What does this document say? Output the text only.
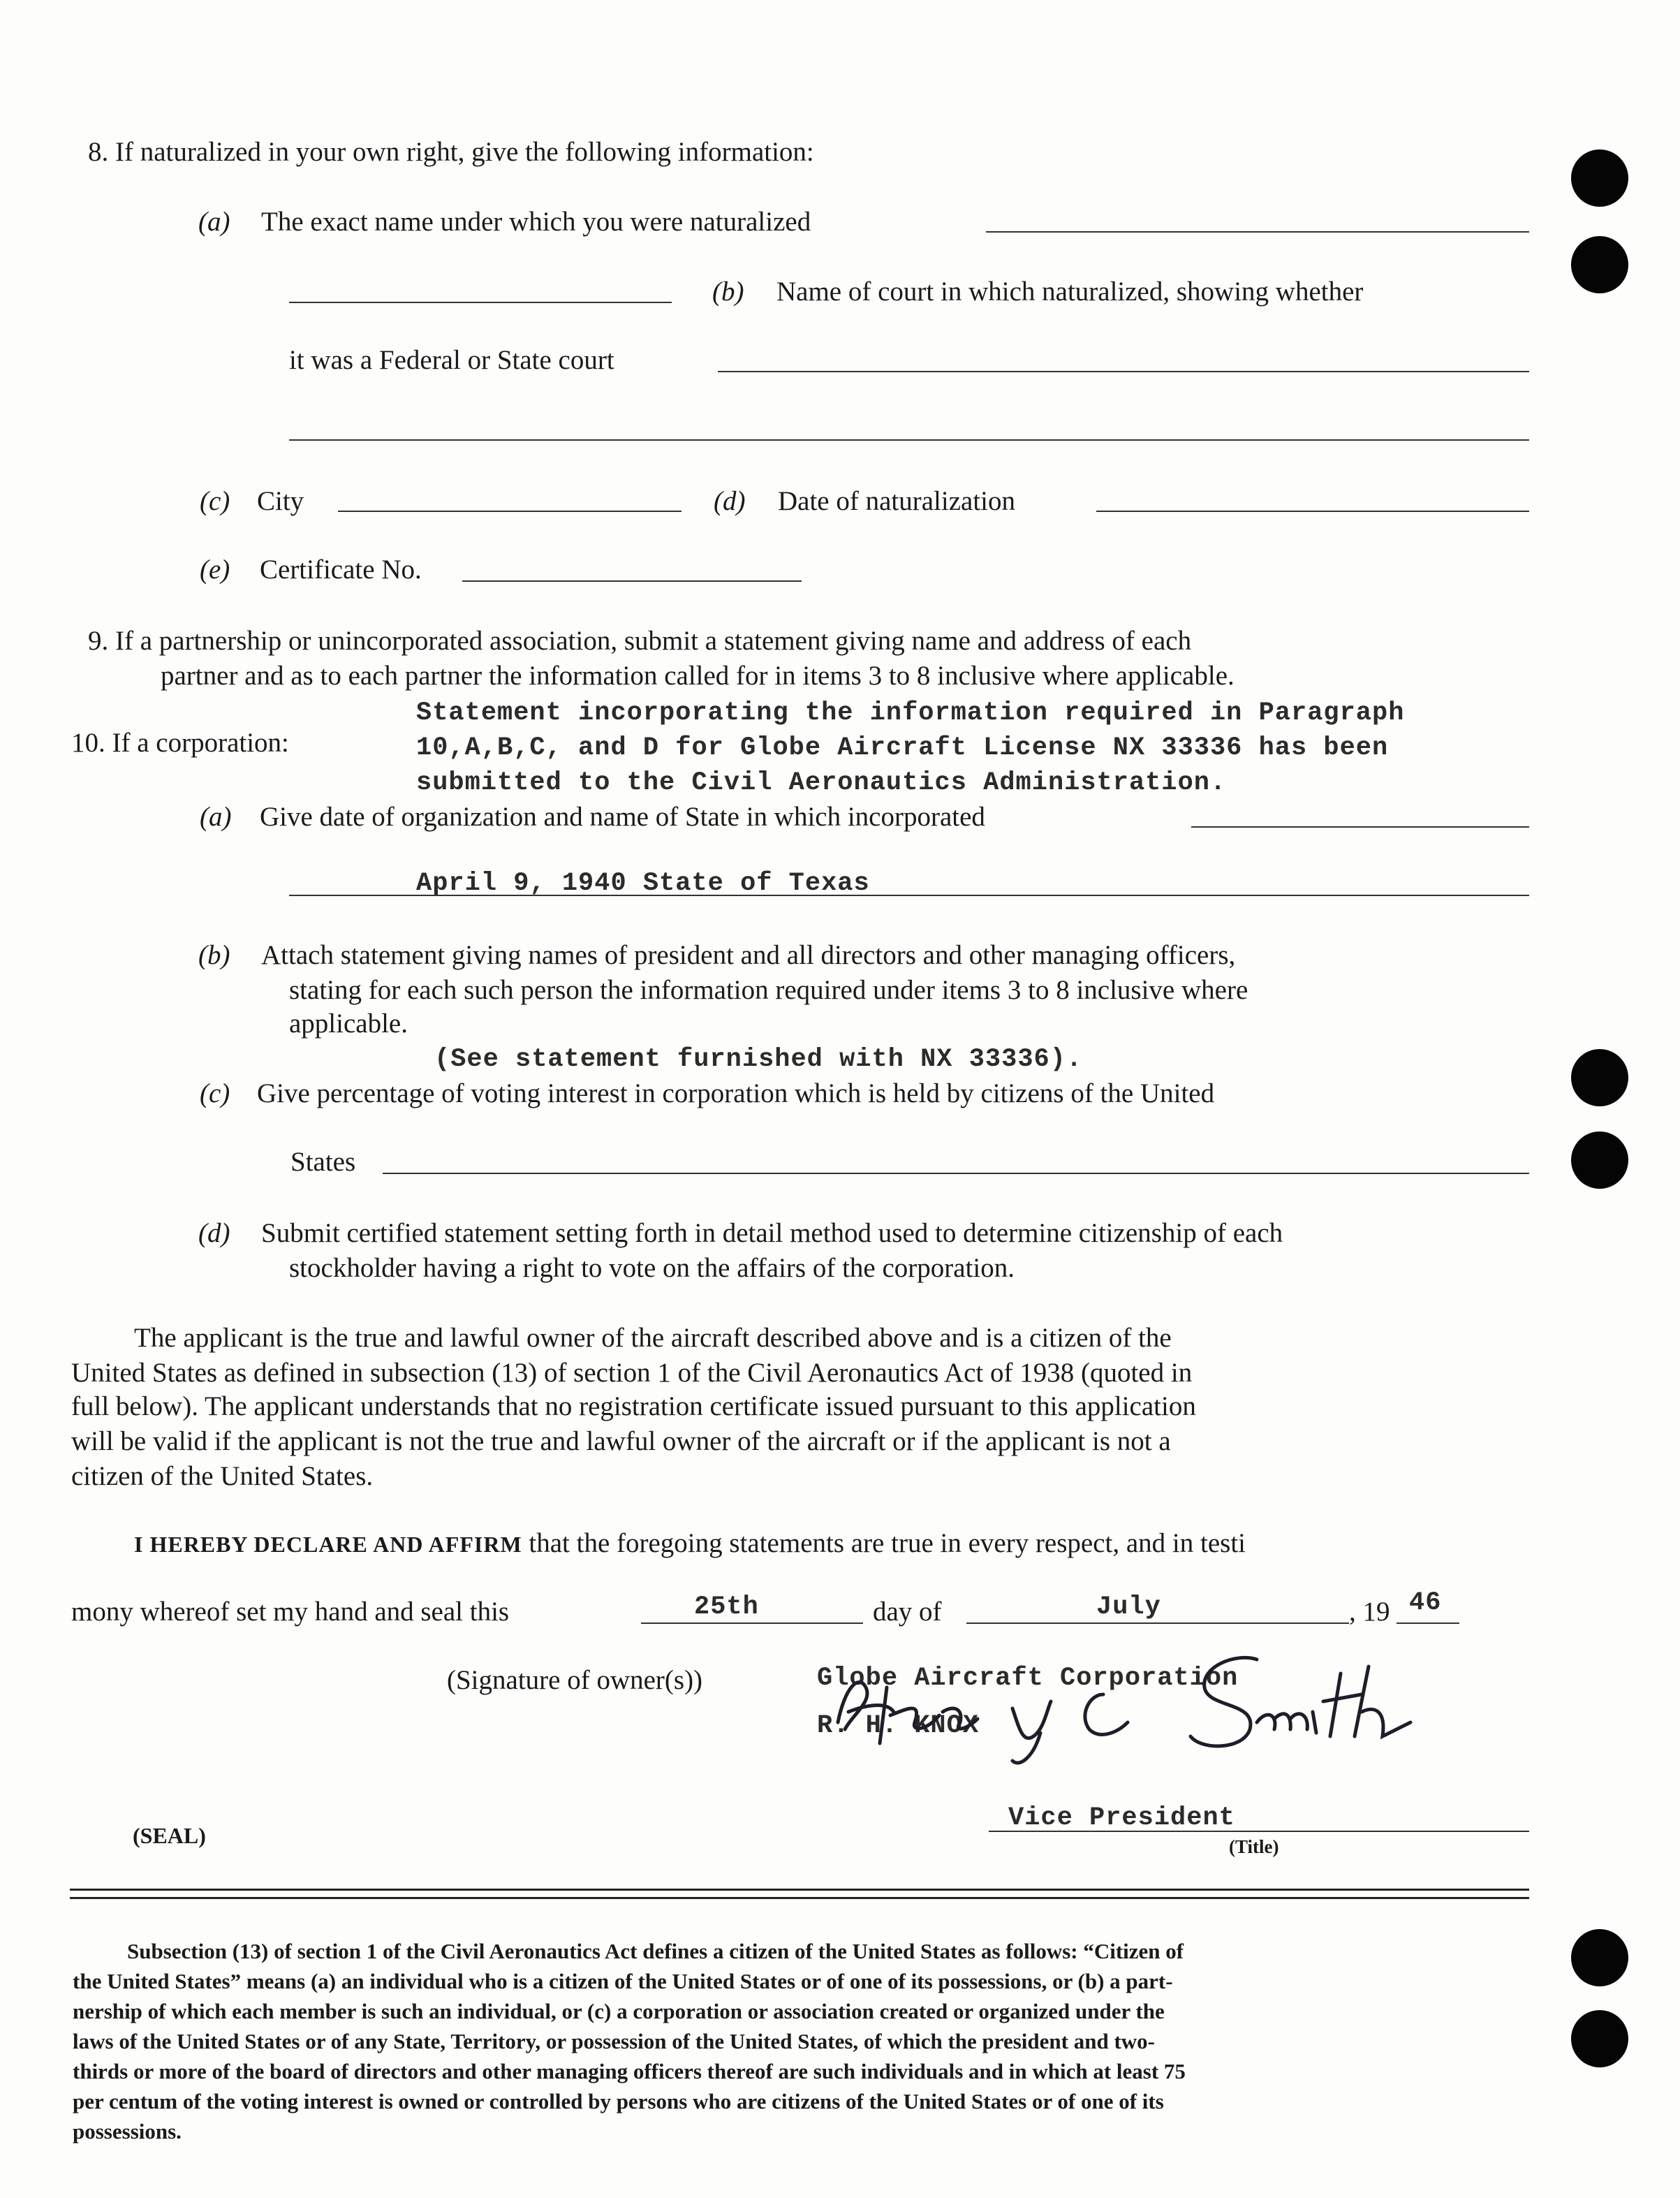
8. If naturalized in your own right, give the following information:
(a) The exact name under which you were naturalized
(b) Name of court in which naturalized, showing whether
it was a Federal or State court
(c) City	(d) Date of naturalization
(e) Certificate No.
9. If a partnership or unincorporated association, submit a statement giving name and address of each
partner and as to each partner the information called for in items 3 to 8 inclusive where applicable.
Statement incorporating the information required in Paragraph
10. If a corporation:	10,A,B,C, and D for Globe Aircraft License NX 33336 has been
submitted to the Civil Aeronautics Administration.
(a) Give date of organization and name of State in which incorporated
April 9, 1940 State of Texas
(b) Attach statement giving names of president and all directors and other managing officers,
stating for each such person the information required under items 3 to 8 inclusive where
applicable.
(See statement furnished with NX 33336).
(c) Give percentage of voting interest in corporation which is held by citizens of the United
States
(d) Submit certified statement setting forth in detail method used to determine citizenship of each
stockholder having a right to vote on the affairs of the corporation.
The applicant is the true and lawful owner of the aircraft described above and is a citizen of the
United States as defined in subsection (13) of section 1 of the Civil Aeronautics Act of 1938 (quoted in
full below). The applicant understands that no registration certificate issued pursuant to this application
will be valid if the applicant is not the true and lawful owner of the aircraft or if the applicant is not a
citizen of the United States.
I HEREBY DECLARE AND AFFIRM that the foregoing statements are true in every respect, and in testi
mony whereof set my hand and seal this	25th	day of	July	, 19 46
(Signature of owner(s))	Globe Aircraft Corporation
R. H. KNOX
(SEAL)
Vice President
(Title)
Subsection (13) of section 1 of the Civil Aeronautics Act defines a citizen of the United States as follows: “Citizen of
the United States” means (a) an individual who is a citizen of the United States or of one of its possessions, or (b) a part-
nership of which each member is such an individual, or (c) a corporation or association created or organized under the
laws of the United States or of any State, Territory, or possession of the United States, of which the president and two-
thirds or more of the board of directors and other managing officers thereof are such individuals and in which at least 75
per centum of the voting interest is owned or controlled by persons who are citizens of the United States or of one of its
possessions.
